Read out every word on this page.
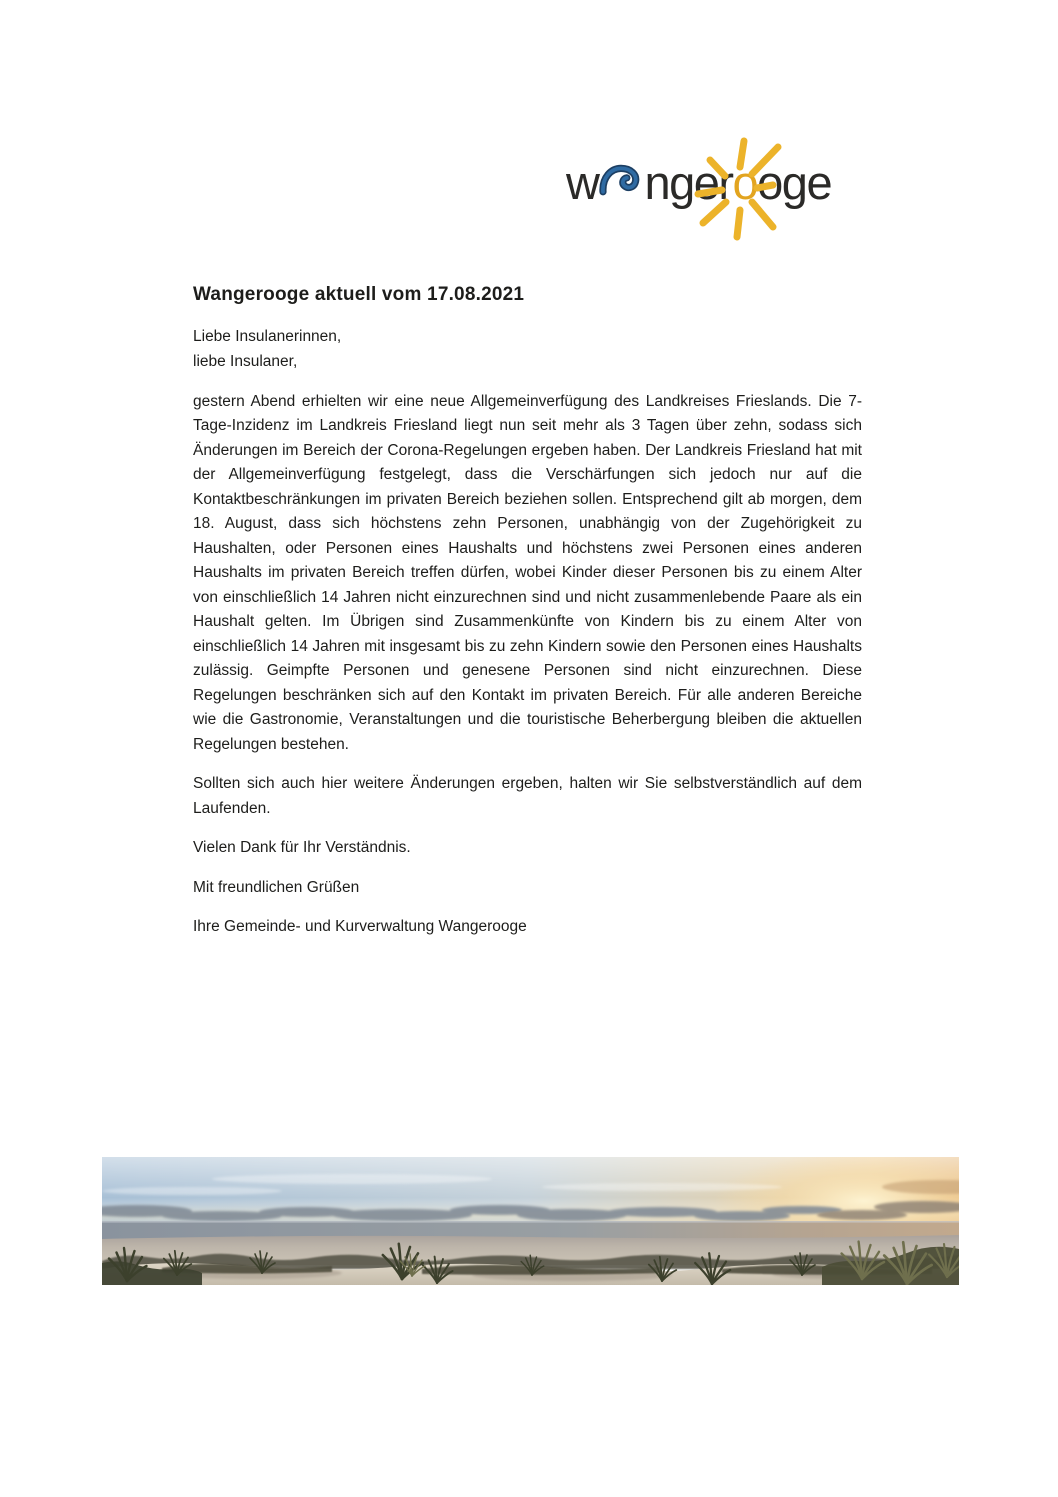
w nger o oge
Wangerooge aktuell vom 17.08.2021

Liebe Insulanerinnen,
liebe Insulaner,

gestern Abend erhielten wir eine neue Allgemeinverfügung des Landkreises Frieslands. Die 7-Tage-Inzidenz im Landkreis Friesland liegt nun seit mehr als 3 Tagen über zehn, sodass sich Änderungen im Bereich der Corona-Regelungen ergeben haben. Der Landkreis Friesland hat mit der Allgemeinverfügung festgelegt, dass die Verschärfungen sich jedoch nur auf die Kontaktbeschränkungen im privaten Bereich beziehen sollen. Entsprechend gilt ab morgen, dem 18. August, dass sich höchstens zehn Personen, unabhängig von der Zugehörigkeit zu Haushalten, oder Personen eines Haushalts und höchstens zwei Personen eines anderen Haushalts im privaten Bereich treffen dürfen, wobei Kinder dieser Personen bis zu einem Alter von einschließlich 14 Jahren nicht einzurechnen sind und nicht zusammenlebende Paare als ein Haushalt gelten. Im Übrigen sind Zusammenkünfte von Kindern bis zu einem Alter von einschließlich 14 Jahren mit insgesamt bis zu zehn Kindern sowie den Personen eines Haushalts zulässig. Geimpfte Personen und genesene Personen sind nicht einzurechnen. Diese Regelungen beschränken sich auf den Kontakt im privaten Bereich. Für alle anderen Bereiche wie die Gastronomie, Veranstaltungen und die touristische Beherbergung bleiben die aktuellen Regelungen bestehen.

Sollten sich auch hier weitere Änderungen ergeben, halten wir Sie selbstverständlich auf dem Laufenden.

Vielen Dank für Ihr Verständnis.

Mit freundlichen Grüßen

Ihre Gemeinde- und Kurverwaltung Wangerooge
